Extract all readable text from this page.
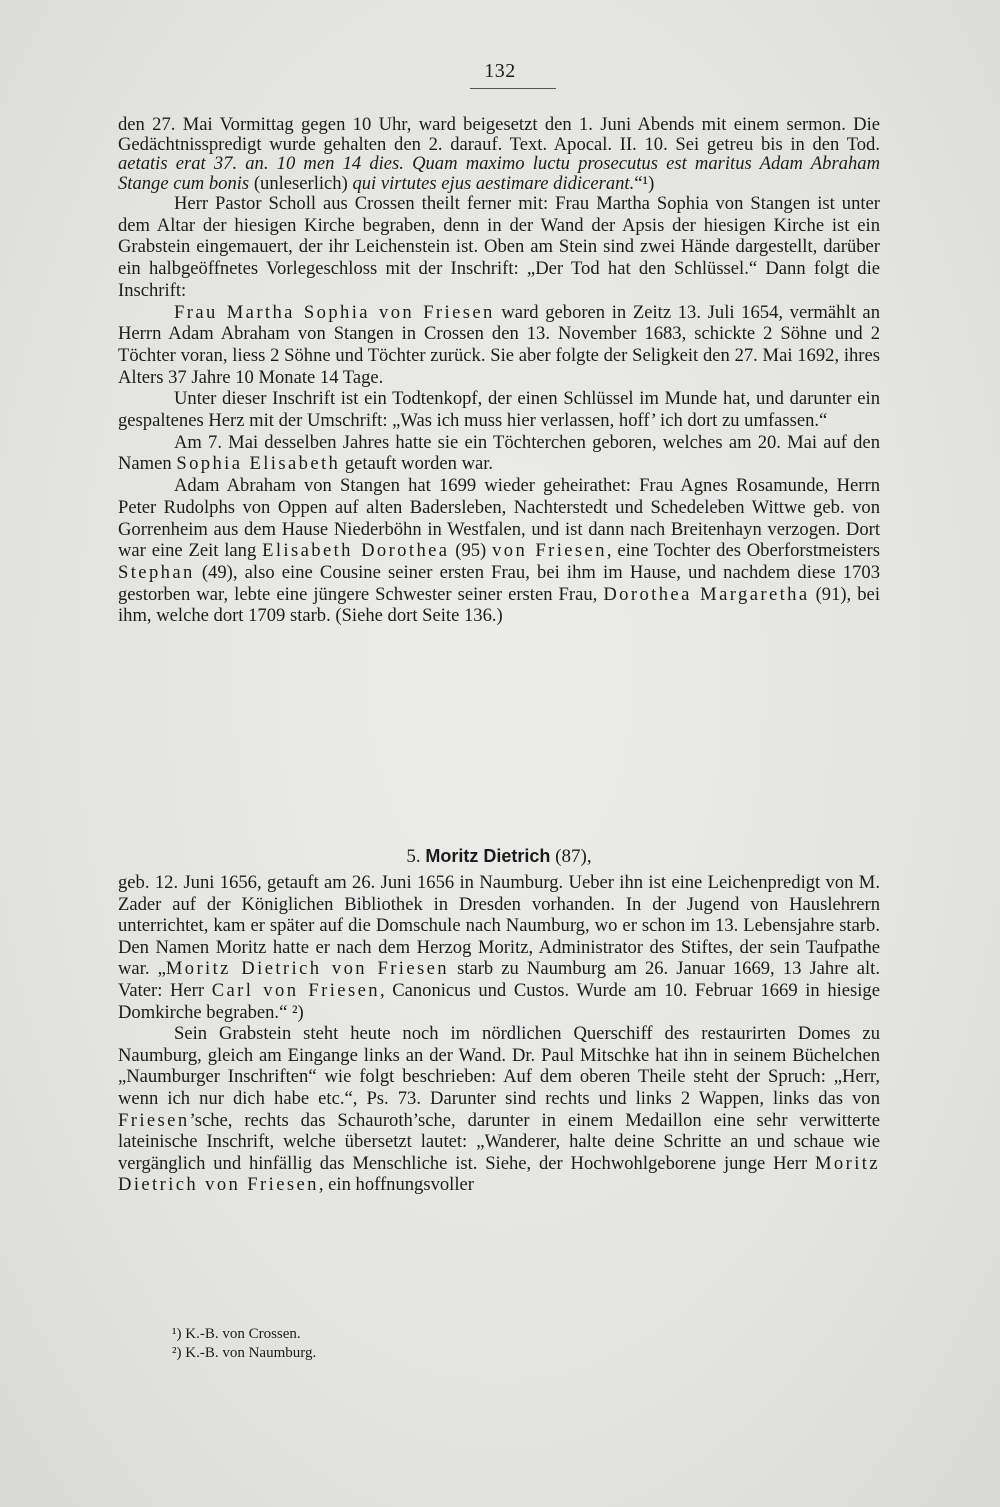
132

den 27. Mai Vormittag gegen 10 Uhr, ward beigesetzt den 1. Juni Abends mit einem sermon. Die Gedächtnisspredigt wurde gehalten den 2. darauf. Text. Apocal. II. 10. Sei getreu bis in den Tod. aetatis erat 37. an. 10 men 14 dies. Quam maximo luctu prosecutus est maritus Adam Abraham Stange cum bonis (unleserlich) qui virtutes ejus aestimare didicerant.“¹)

Herr Pastor Scholl aus Crossen theilt ferner mit: Frau Martha Sophia von Stangen ist unter dem Altar der hiesigen Kirche begraben, denn in der Wand der Apsis der hiesigen Kirche ist ein Grabstein eingemauert, der ihr Leichenstein ist. Oben am Stein sind zwei Hände dargestellt, darüber ein halbgeöffnetes Vorlegeschloss mit der Inschrift: „Der Tod hat den Schlüssel.“ Dann folgt die Inschrift:

Frau Martha Sophia von Friesen ward geboren in Zeitz 13. Juli 1654, vermählt an Herrn Adam Abraham von Stangen in Crossen den 13. November 1683, schickte 2 Söhne und 2 Töchter voran, liess 2 Söhne und Töchter zurück. Sie aber folgte der Seligkeit den 27. Mai 1692, ihres Alters 37 Jahre 10 Monate 14 Tage.

Unter dieser Inschrift ist ein Todtenkopf, der einen Schlüssel im Munde hat, und darunter ein gespaltenes Herz mit der Umschrift: „Was ich muss hier verlassen, hoff’ ich dort zu umfassen.“

Am 7. Mai desselben Jahres hatte sie ein Töchterchen geboren, welches am 20. Mai auf den Namen Sophia Elisabeth getauft worden war.

Adam Abraham von Stangen hat 1699 wieder geheirathet: Frau Agnes Rosamunde, Herrn Peter Rudolphs von Oppen auf alten Badersleben, Nachterstedt und Schedeleben Wittwe geb. von Gorrenheim aus dem Hause Niederböhn in Westfalen, und ist dann nach Breitenhayn verzogen. Dort war eine Zeit lang Elisabeth Dorothea (95) von Friesen, eine Tochter des Oberforstmeisters Stephan (49), also eine Cousine seiner ersten Frau, bei ihm im Hause, und nachdem diese 1703 gestorben war, lebte eine jüngere Schwester seiner ersten Frau, Dorothea Margaretha (91), bei ihm, welche dort 1709 starb. (Siehe dort Seite 136.)

5. Moritz Dietrich (87),

geb. 12. Juni 1656, getauft am 26. Juni 1656 in Naumburg. Ueber ihn ist eine Leichenpredigt von M. Zader auf der Königlichen Bibliothek in Dresden vorhanden. In der Jugend von Hauslehrern unterrichtet, kam er später auf die Domschule nach Naumburg, wo er schon im 13. Lebensjahre starb. Den Namen Moritz hatte er nach dem Herzog Moritz, Administrator des Stiftes, der sein Taufpathe war. „Moritz Dietrich von Friesen starb zu Naumburg am 26. Januar 1669, 13 Jahre alt. Vater: Herr Carl von Friesen, Canonicus und Custos. Wurde am 10. Februar 1669 in hiesige Domkirche begraben.“ ²)

Sein Grabstein steht heute noch im nördlichen Querschiff des restaurirten Domes zu Naumburg, gleich am Eingange links an der Wand. Dr. Paul Mitschke hat ihn in seinem Büchelchen „Naumburger Inschriften“ wie folgt beschrieben: Auf dem oberen Theile steht der Spruch: „Herr, wenn ich nur dich habe etc.“, Ps. 73. Darunter sind rechts und links 2 Wappen, links das von Friesen’sche, rechts das Schauroth’sche, darunter in einem Medaillon eine sehr verwitterte lateinische Inschrift, welche übersetzt lautet: „Wanderer, halte deine Schritte an und schaue wie vergänglich und hinfällig das Menschliche ist. Siehe, der Hochwohlgeborene junge Herr Moritz Dietrich von Friesen, ein hoffnungsvoller

¹) K.-B. von Crossen.
²) K.-B. von Naumburg.
